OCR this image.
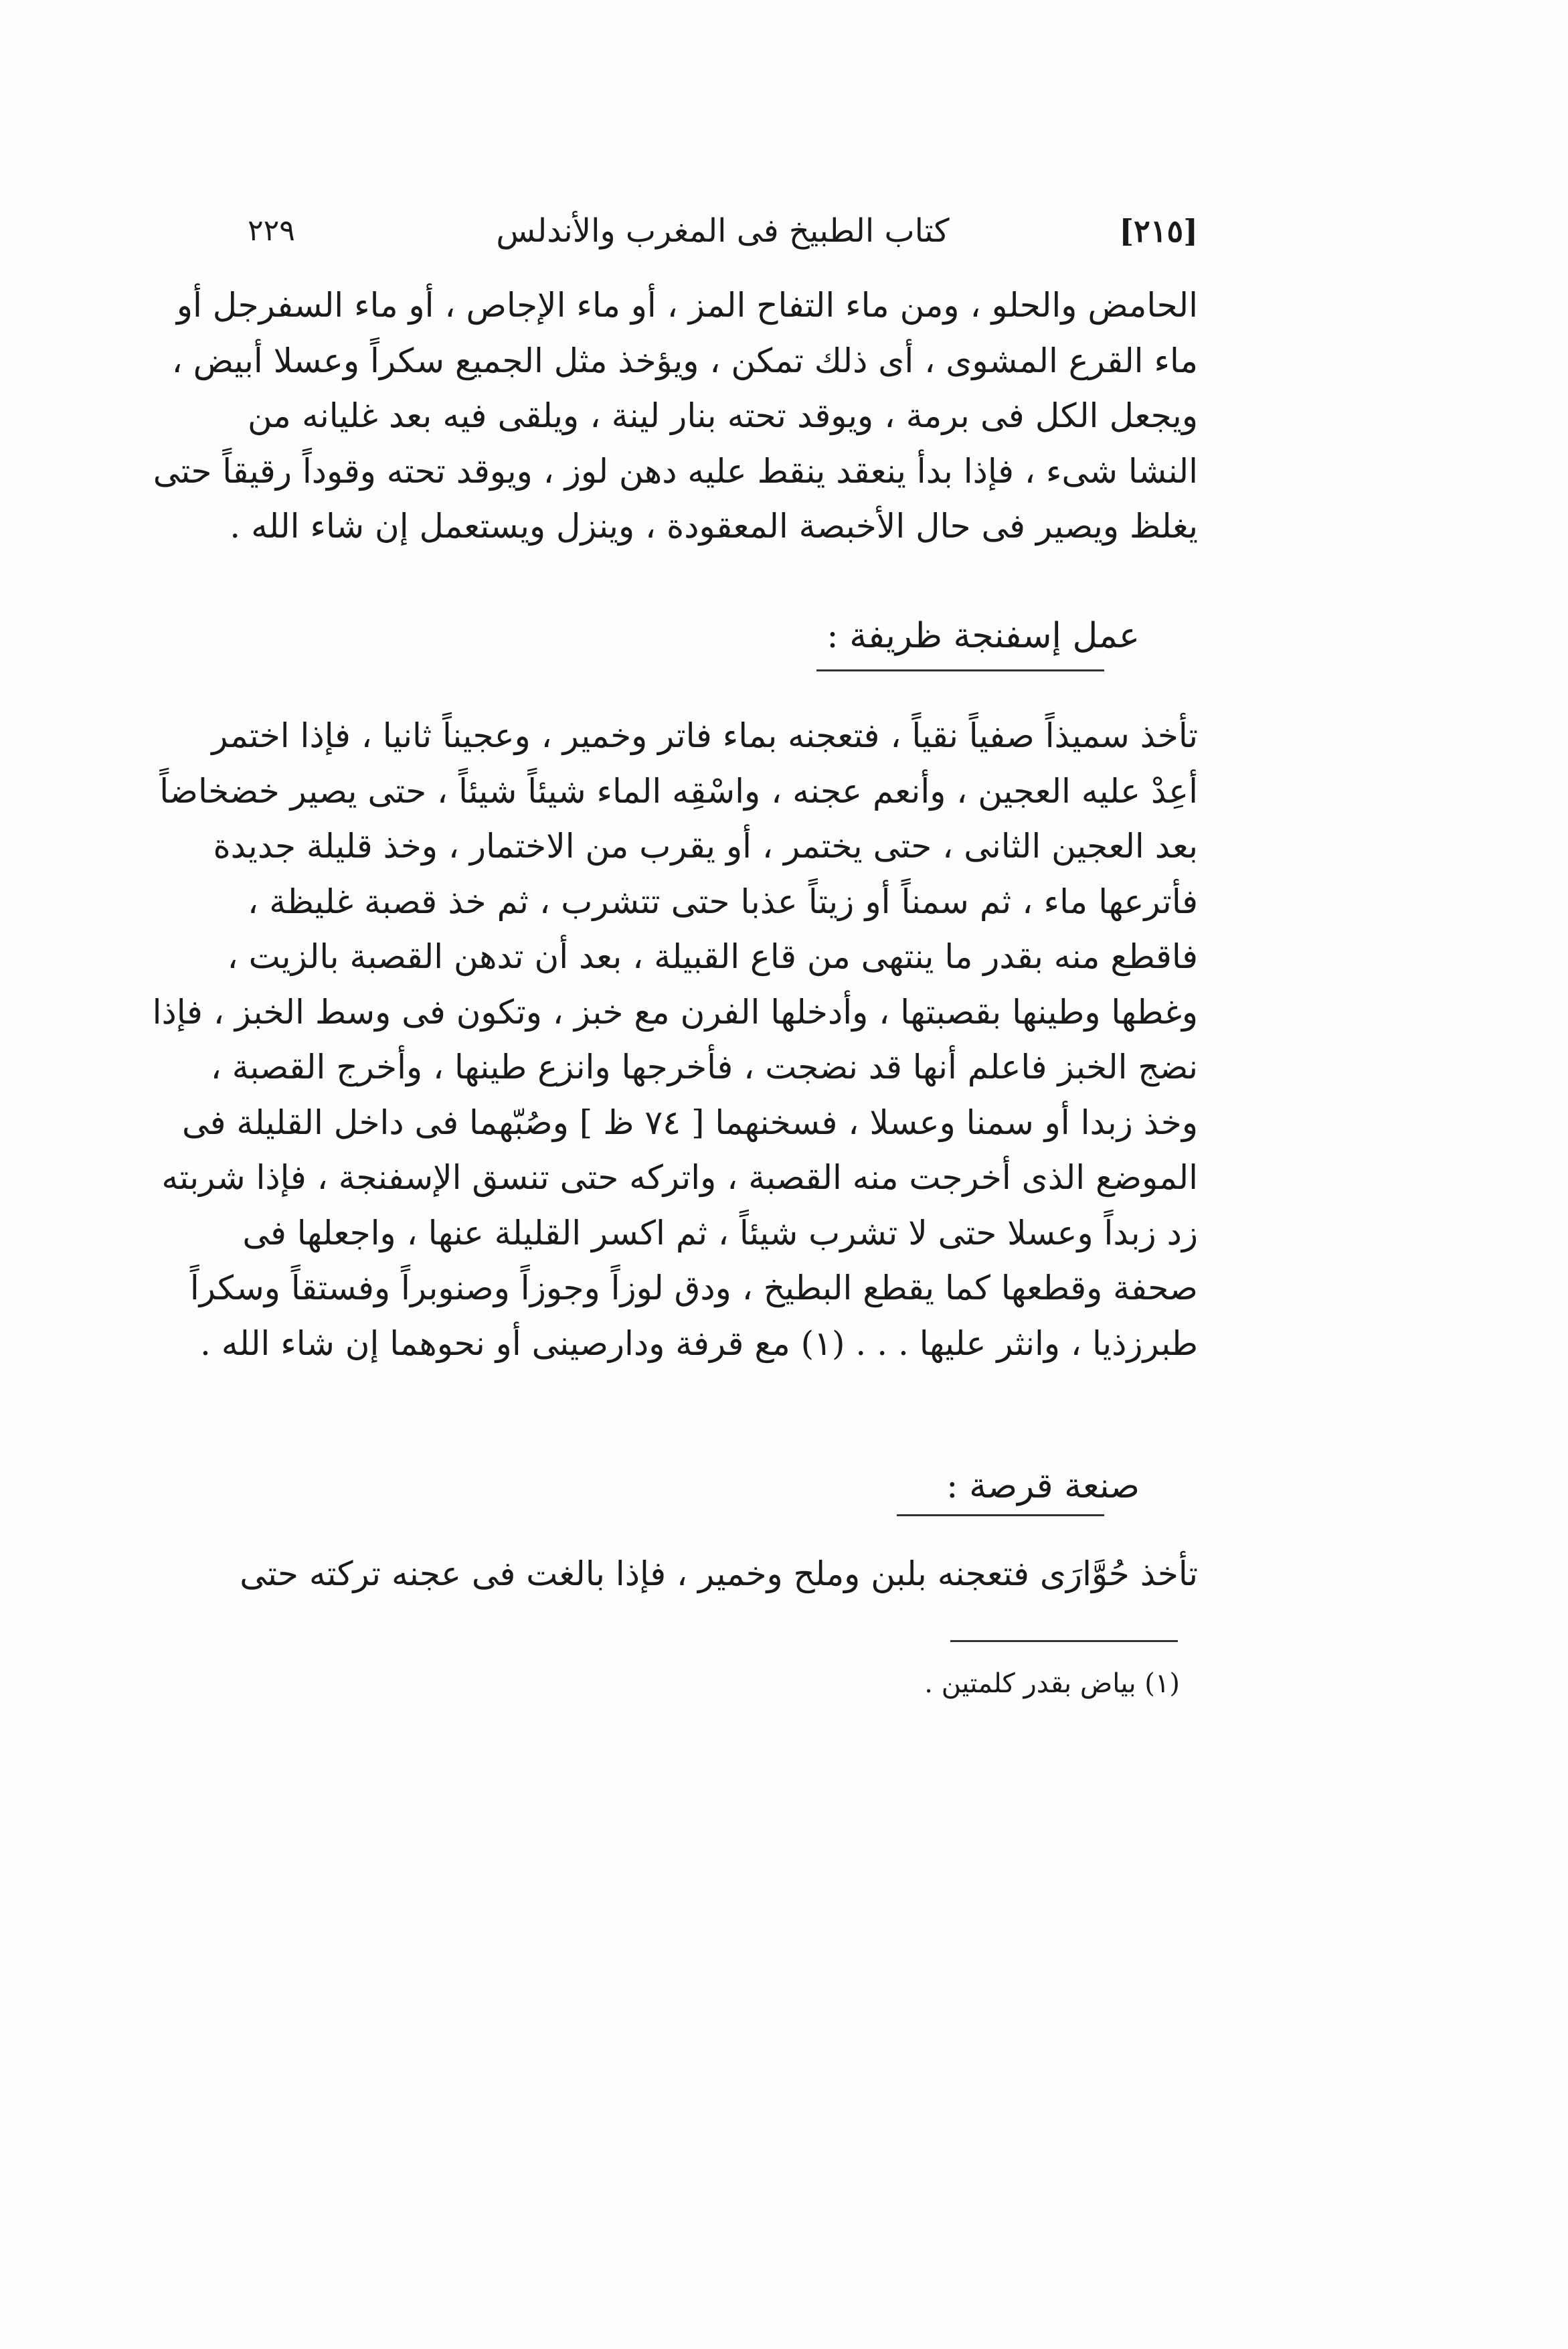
[٢١٥]
كتاب الطبيخ فى المغرب والأندلس
٢٢٩
الحامض والحلو ، ومن ماء التفاح المز ، أو ماء الإجاص ، أو ماء السفرجل أو
ماء القرع المشوى ، أى ذلك تمكن ، ويؤخذ مثل الجميع سكراً وعسلا أبيض ،
ويجعل الكل فى برمة ، ويوقد تحته بنار لينة ، ويلقى فيه بعد غليانه من
النشا شىء ، فإذا بدأ ينعقد ينقط عليه دهن لوز ، ويوقد تحته وقوداً رقيقاً حتى
يغلظ ويصير فى حال الأخبصة المعقودة ، وينزل ويستعمل إن شاء الله .
عمل إسفنجة ظريفة :
تأخذ سميذاً صفياً نقياً ، فتعجنه بماء فاتر وخمير ، وعجيناً ثانيا ، فإذا اختمر
أعِدْ عليه العجين ، وأنعم عجنه ، واسْقِه الماء شيئاً شيئاً ، حتى يصير خضخاضاً
بعد العجين الثانى ، حتى يختمر ، أو يقرب من الاختمار ، وخذ قليلة جديدة
فأترعها ماء ، ثم سمناً أو زيتاً عذبا حتى تتشرب ، ثم خذ قصبة غليظة ،
فاقطع منه بقدر ما ينتهى من قاع القبيلة ، بعد أن تدهن القصبة بالزيت ،
وغطها وطينها بقصبتها ، وأدخلها الفرن مع خبز ، وتكون فى وسط الخبز ، فإذا
نضج الخبز فاعلم أنها قد نضجت ، فأخرجها وانزع طينها ، وأخرج القصبة ،
وخذ زبدا أو سمنا وعسلا ، فسخنهما [ ٧٤ ظ ] وصُبّهما فى داخل القليلة فى
الموضع الذى أخرجت منه القصبة ، واتركه حتى تنسق الإسفنجة ، فإذا شربته
زد زبداً وعسلا حتى لا تشرب شيئاً ، ثم اكسر القليلة عنها ، واجعلها فى
صحفة وقطعها كما يقطع البطيخ ، ودق لوزاً وجوزاً وصنوبراً وفستقاً وسكراً
طبرزذيا ، وانثر عليها . . . (١) مع قرفة ودارصينى أو نحوهما إن شاء الله .
صنعة قرصة :
تأخذ حُوَّارَى فتعجنه بلبن وملح وخمير ، فإذا بالغت فى عجنه تركته حتى
(١) بياض بقدر كلمتين .
